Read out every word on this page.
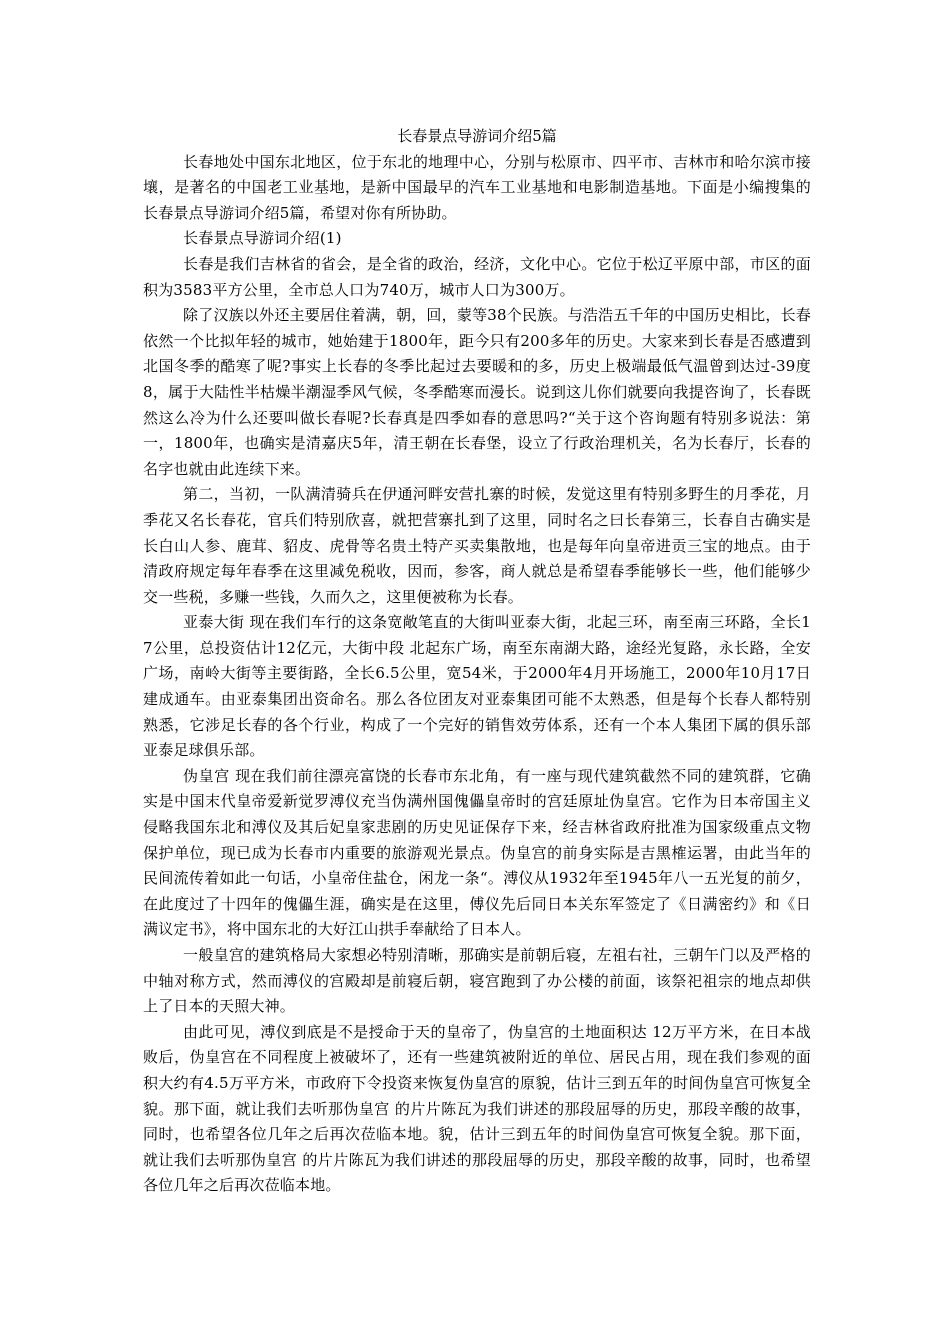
长春景点导游词介绍5篇

长春地处中国东北地区，位于东北的地理中心，分别与松原市、四平市、吉林市和哈尔滨市接壤，是著名的中国老工业基地，是新中国最早的汽车工业基地和电影制造基地。下面是小编搜集的长春景点导游词介绍5篇，希望对你有所协助。

长春景点导游词介绍(1)

长春是我们吉林省的省会，是全省的政治，经济，文化中心。它位于松辽平原中部，市区的面积为3583平方公里，全市总人口为740万，城市人口为300万。

除了汉族以外还主要居住着满，朝，回，蒙等38个民族。与浩浩五千年的中国历史相比，长春依然一个比拟年轻的城市，她始建于1800年，距今只有200多年的历史。大家来到长春是否感遭到北国冬季的酷寒了呢?事实上长春的冬季比起过去要暖和的多，历史上极端最低气温曾到达过-39度8，属于大陆性半枯燥半潮湿季风气候，冬季酷寒而漫长。说到这儿你们就要向我提咨询了，长春既然这么冷为什么还要叫做长春呢?长春真是四季如春的意思吗?“关于这个咨询题有特别多说法：第一，1800年，也确实是清嘉庆5年，清王朝在长春堡，设立了行政治理机关，名为长春厅，长春的名字也就由此连续下来。

第二，当初，一队满清骑兵在伊通河畔安营扎寨的时候，发觉这里有特别多野生的月季花，月季花又名长春花，官兵们特别欣喜，就把营寨扎到了这里，同时名之曰长春第三，长春自古确实是长白山人参、鹿茸、貂皮、虎骨等名贵土特产买卖集散地，也是每年向皇帝进贡三宝的地点。由于清政府规定每年春季在这里减免税收，因而，参客，商人就总是希望春季能够长一些，他们能够少交一些税，多赚一些钱，久而久之，这里便被称为长春。

亚泰大街 现在我们车行的这条宽敞笔直的大街叫亚泰大街，北起三环，南至南三环路，全长17公里，总投资估计12亿元，大街中段 北起东广场，南至东南湖大路，途经光复路，永长路，全安广场，南岭大街等主要街路，全长6.5公里，宽54米，于2000年4月开场施工，2000年10月17日建成通车。由亚泰集团出资命名。那么各位团友对亚泰集团可能不太熟悉，但是每个长春人都特别熟悉，它涉足长春的各个行业，构成了一个完好的销售效劳体系，还有一个本人集团下属的俱乐部亚泰足球俱乐部。

伪皇宫 现在我们前往漂亮富饶的长春市东北角，有一座与现代建筑截然不同的建筑群，它确实是中国末代皇帝爱新觉罗溥仪充当伪满州国傀儡皇帝时的宫廷原址伪皇宫。它作为日本帝国主义侵略我国东北和溥仪及其后妃皇家悲剧的历史见证保存下来，经吉林省政府批准为国家级重点文物保护单位，现已成为长春市内重要的旅游观光景点。伪皇宫的前身实际是吉黑榷运署，由此当年的民间流传着如此一句话，小皇帝住盐仓，闲龙一条“。溥仪从1932年至1945年八一五光复的前夕，在此度过了十四年的傀儡生涯，确实是在这里，傅仪先后同日本关东军签定了《日满密约》和《日满议定书》，将中国东北的大好江山拱手奉献给了日本人。

一般皇宫的建筑格局大家想必特别清晰，那确实是前朝后寝，左祖右社，三朝午门以及严格的中轴对称方式，然而溥仪的宫殿却是前寝后朝，寝宫跑到了办公楼的前面，该祭祀祖宗的地点却供上了日本的天照大神。

由此可见，溥仪到底是不是授命于天的皇帝了，伪皇宫的土地面积达 12万平方米，在日本战败后，伪皇宫在不同程度上被破坏了，还有一些建筑被附近的单位、居民占用，现在我们参观的面积大约有4.5万平方米，市政府下令投资来恢复伪皇宫的原貌，估计三到五年的时间伪皇宫可恢复全貌。那下面，就让我们去听那伪皇宫 的片片陈瓦为我们讲述的那段屈辱的历史，那段辛酸的故事，同时，也希望各位几年之后再次莅临本地。貌，估计三到五年的时间伪皇宫可恢复全貌。那下面，就让我们去听那伪皇宫 的片片陈瓦为我们讲述的那段屈辱的历史，那段辛酸的故事，同时，也希望各位几年之后再次莅临本地。
